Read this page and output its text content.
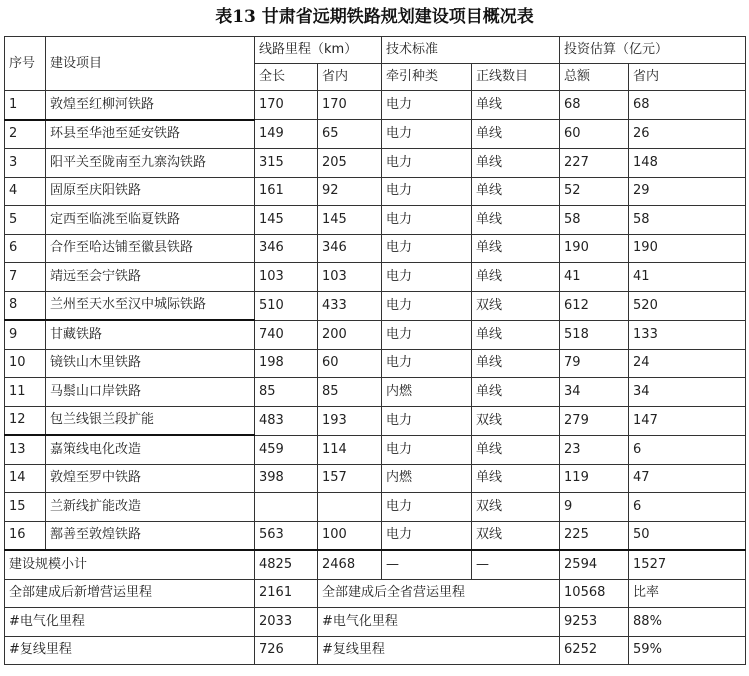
表13 甘肃省远期铁路规划建设项目概况表
序号	建设项目	线路里程（km）		技术标准		投资估算（亿元）	
		全长	省内	牵引种类	正线数目	总额	省内
1	敦煌至红柳河铁路	170	170	电力	单线	68	68
2	环县至华池至延安铁路	149	65	电力	单线	60	26
3	阳平关至陇南至九寨沟铁路	315	205	电力	单线	227	148
4	固原至庆阳铁路	161	92	电力	单线	52	29
5	定西至临洮至临夏铁路	145	145	电力	单线	58	58
6	合作至哈达铺至徽县铁路	346	346	电力	单线	190	190
7	靖远至会宁铁路	103	103	电力	单线	41	41
8	兰州至天水至汉中城际铁路	510	433	电力	双线	612	520
9	甘藏铁路	740	200	电力	单线	518	133
10	镜铁山木里铁路	198	60	电力	单线	79	24
11	马鬃山口岸铁路	85	85	内燃	单线	34	34
12	包兰线银兰段扩能	483	193	电力	双线	279	147
13	嘉策线电化改造	459	114	电力	单线	23	6
14	敦煌至罗中铁路	398	157	内燃	单线	119	47
15	兰新线扩能改造			电力	双线	9	6
16	鄯善至敦煌铁路	563	100	电力	双线	225	50
建设规模小计		4825	2468	—	—	2594	1527
全部建成后新增营运里程		2161	全部建成后全省营运里程			10568	比率
#电气化里程		2033	#电气化里程			9253	88%
#复线里程		726	#复线里程			6252	59%
